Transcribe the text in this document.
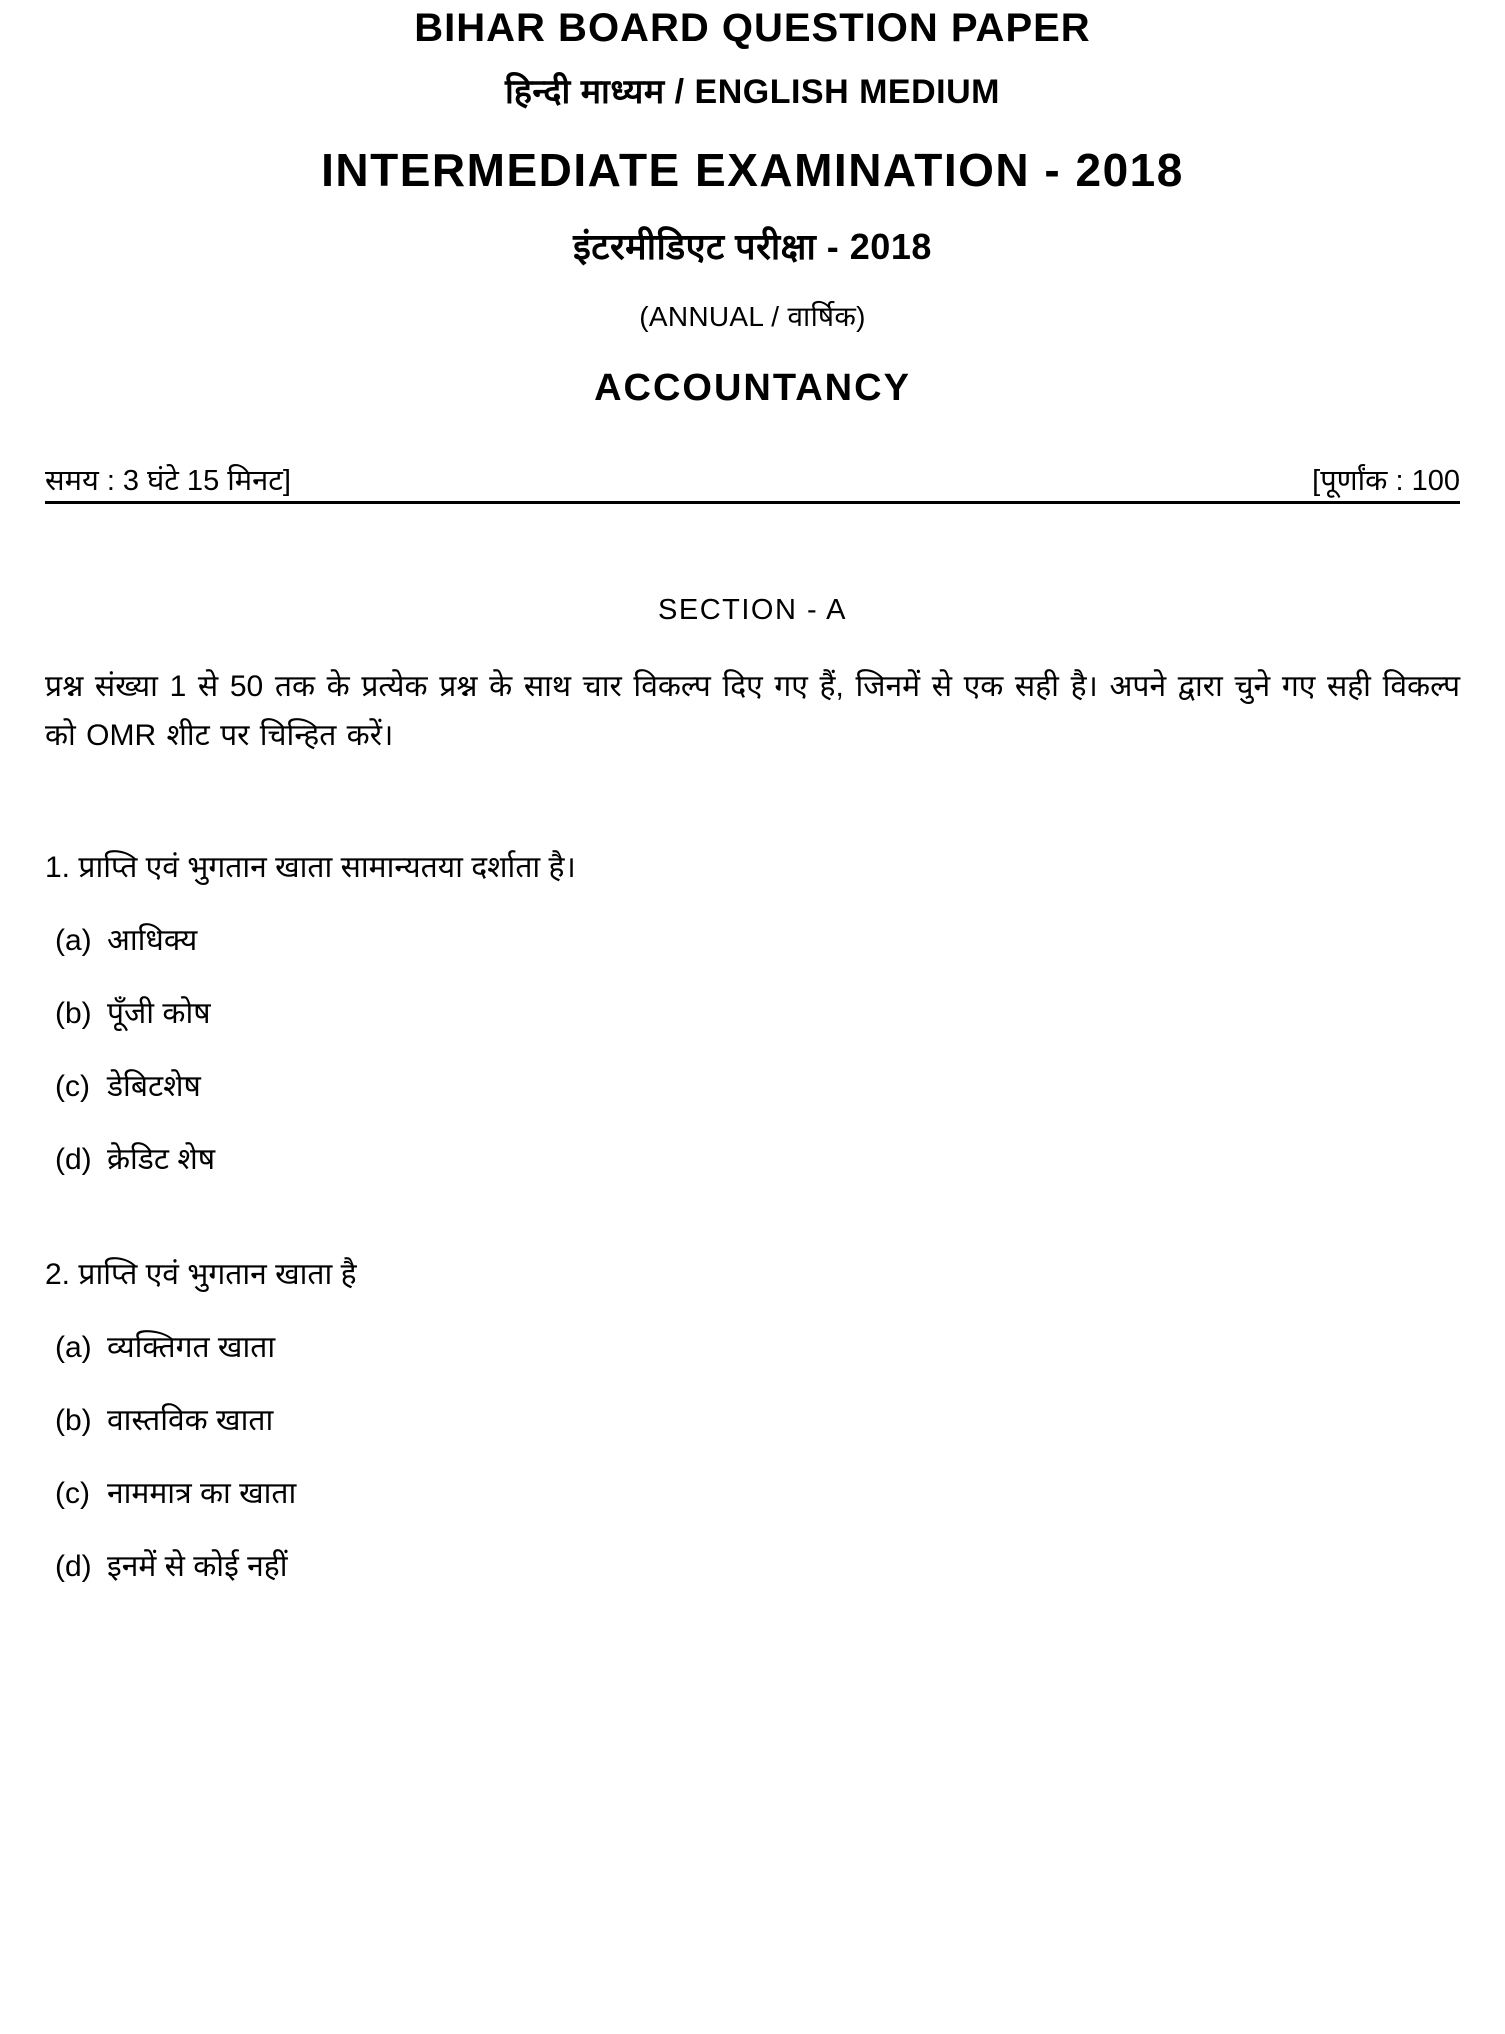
BIHAR BOARD QUESTION PAPER
हिन्दी माध्यम / ENGLISH MEDIUM
INTERMEDIATE EXAMINATION - 2018
इंटरमीडिएट परीक्षा - 2018
(ANNUAL / वार्षिक)
ACCOUNTANCY
समय : 3 घंटे 15 मिनट]	[पूर्णांक : 100
SECTION - A
प्रश्न संख्या 1 से 50 तक के प्रत्येक प्रश्न के साथ चार विकल्प दिए गए हैं, जिनमें से एक सही है। अपने द्वारा चुने गए सही विकल्प को OMR शीट पर चिन्हित करें।
1. प्राप्ति एवं भुगतान खाता सामान्यतया दर्शाता है।
(a) आधिक्य
(b) पूँजी कोष
(c) डेबिटशेष
(d) क्रेडिट शेष
2. प्राप्ति एवं भुगतान खाता है
(a) व्यक्तिगत खाता
(b) वास्तविक खाता
(c) नाममात्र का खाता
(d) इनमें से कोई नहीं
